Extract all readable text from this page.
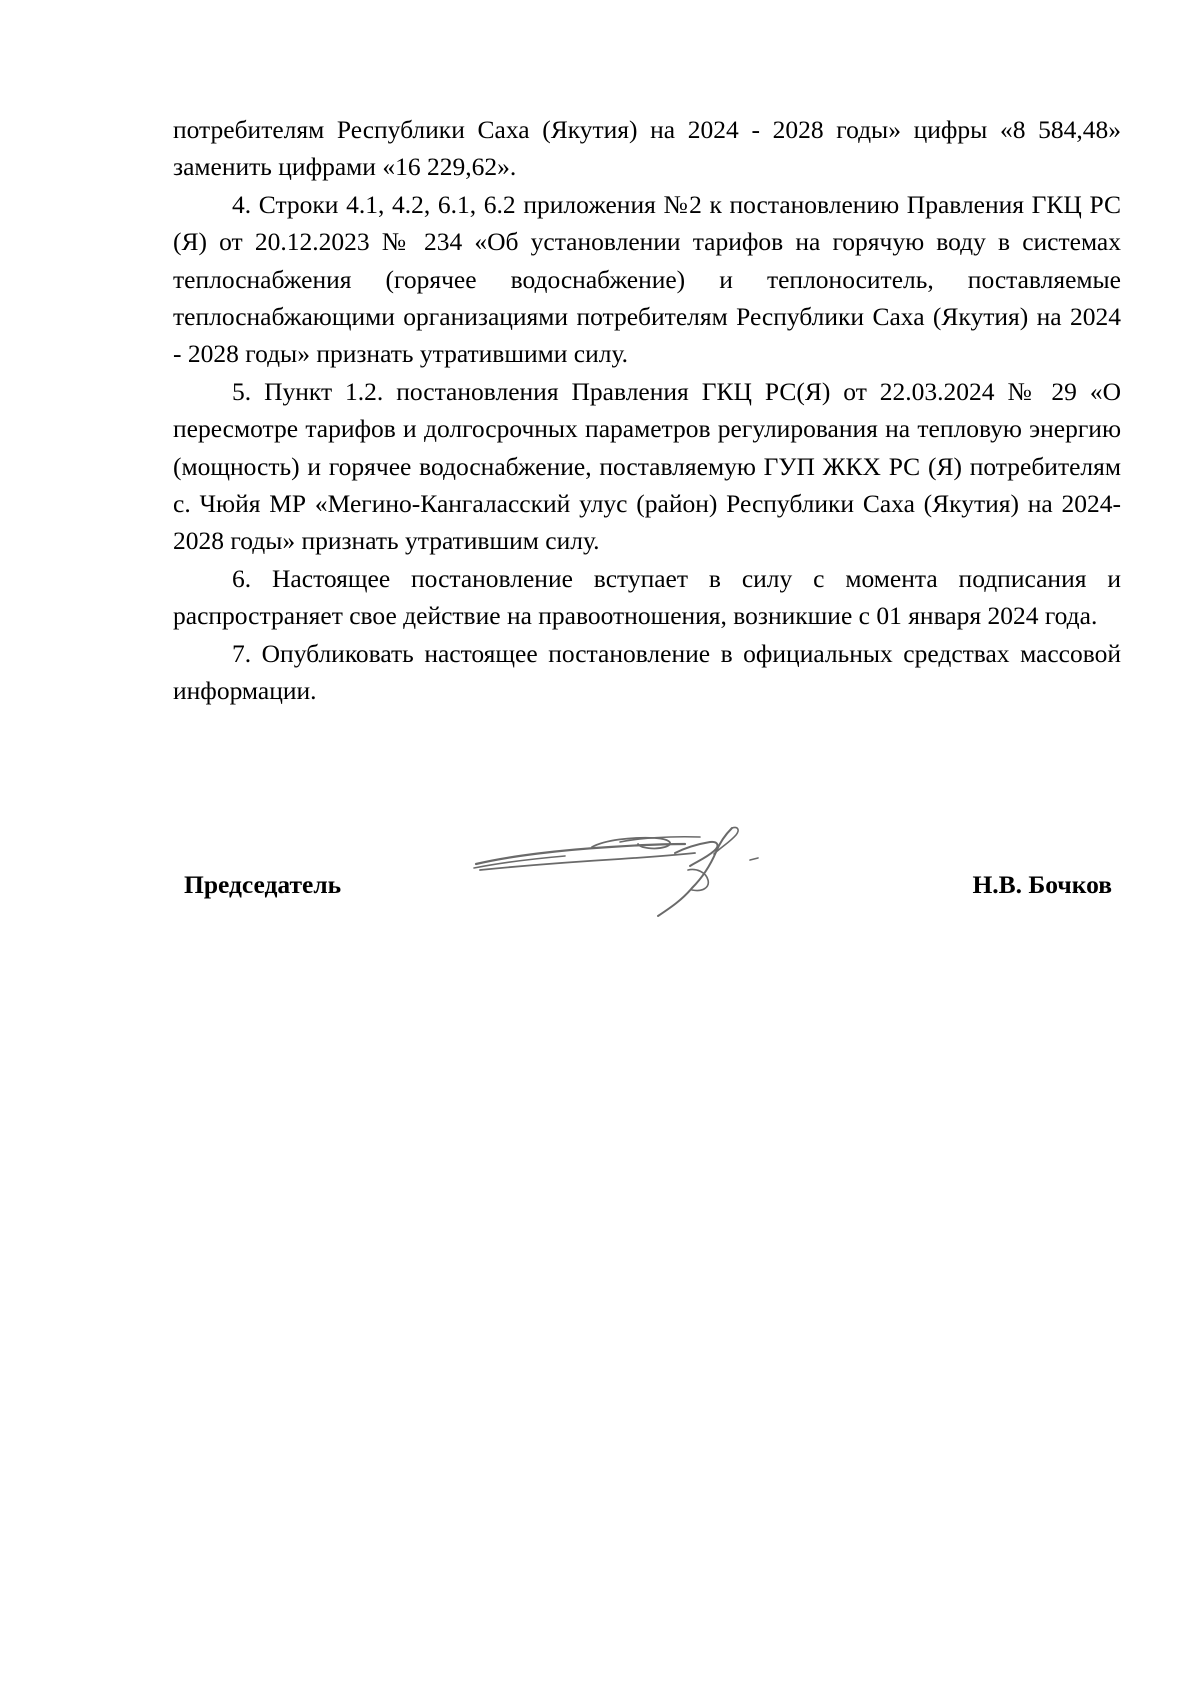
потребителям Республики Саха (Якутия) на 2024 - 2028 годы» цифры «8 584,48» заменить цифрами «16 229,62».

4. Строки 4.1, 4.2, 6.1, 6.2 приложения №2 к постановлению Правления ГКЦ РС (Я) от 20.12.2023 № 234 «Об установлении тарифов на горячую воду в системах теплоснабжения (горячее водоснабжение) и теплоноситель, поставляемые теплоснабжающими организациями потребителям Республики Саха (Якутия) на 2024 - 2028 годы» признать утратившими силу.

5. Пункт 1.2. постановления Правления ГКЦ РС(Я) от 22.03.2024 № 29 «О пересмотре тарифов и долгосрочных параметров регулирования на тепловую энергию (мощность) и горячее водоснабжение, поставляемую ГУП ЖКХ РС (Я) потребителям с. Чюйя МР «Мегино-Кангаласский улус (район) Республики Саха (Якутия) на 2024-2028 годы» признать утратившим силу.

6. Настоящее постановление вступает в силу с момента подписания и распространяет свое действие на правоотношения, возникшие с 01 января 2024 года.

7. Опубликовать настоящее постановление в официальных средствах массовой информации.

Председатель	Н.В. Бочков
